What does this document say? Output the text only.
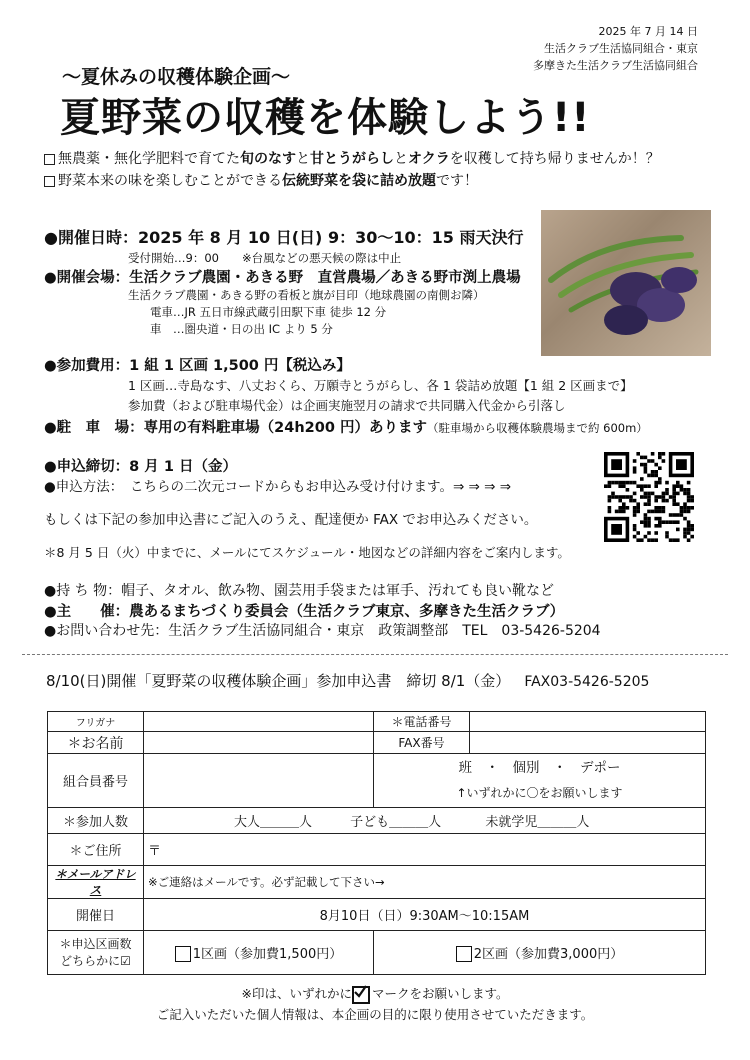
2025 年 7 月 14 日
生活クラブ生活協同組合・東京
多摩きた生活クラブ生活協同組合
～夏休みの収穫体験企画～
夏野菜の収穫を体験しよう!!
無農薬・無化学肥料で育てた旬のなすと甘とうがらしとオクラを収穫して持ち帰りませんか！？
野菜本来の味を楽しむことができる伝統野菜を袋に詰め放題です！
●開催日時：2025 年 8 月 10 日(日) 9：30～10：15 雨天決行
受付開始…9：00　　※台風などの悪天候の際は中止
●開催会場：生活クラブ農園・あきる野　直営農場／あきる野市渕上農場
生活クラブ農園・あきる野の看板と旗が目印（地球農園の南側お隣）
電車…JR 五日市線武蔵引田駅下車 徒歩 12 分
車　…圏央道・日の出 IC より 5 分
●参加費用：1 組 1 区画 1,500 円【税込み】
1 区画…寺島なす、八丈おくら、万願寺とうがらし、各 1 袋詰め放題【1 組 2 区画まで】
参加費（および駐車場代金）は企画実施翌月の請求で共同購入代金から引落し
●駐　車　場：専用の有料駐車場（24h200 円）あります（駐車場から収穫体験農場まで約 600m）
●申込締切：8 月 1 日（金）
●申込方法：　こちらの二次元コードからもお申込み受け付けます。⇒ ⇒ ⇒ ⇒
もしくは下記の参加申込書にご記入のうえ、配達便か FAX でお申込みください。
＊8 月 5 日（火）中までに、メールにてスケジュール・地図などの詳細内容をご案内します。
●持 ち 物：帽子、タオル、飲み物、園芸用手袋または軍手、汚れても良い靴など
●主　　催：農あるまちづくり委員会（生活クラブ東京、多摩きた生活クラブ）
●お問い合わせ先：生活クラブ生活協同組合・東京　政策調整部　TEL　03-5426-5204
8/10(日)開催「夏野菜の収穫体験企画」参加申込書　締切 8/1（金） FAX03-5426-5205
フリガナ		＊電話番号	
＊お名前		FAX番号	
組合員番号		班　・　個別　・　デポー
↑いずれかに〇をお願いします	

＊参加人数	大人＿＿＿人 子ども＿＿＿人 未就学児＿＿＿人		
＊ご住所	〒		
＊メールアドレス	※ご連絡はメールです。必ず記載して下さい→		
開催日	8月10日（日）9:30AM～10:15AM		

＊申込区画数
どちらかに☑	1区画（参加費1,500円）	2区画（参加費3,000円）	
※印は、いずれかに マークをお願いします。
ご記入いただいた個人情報は、本企画の目的に限り使用させていただきます。
